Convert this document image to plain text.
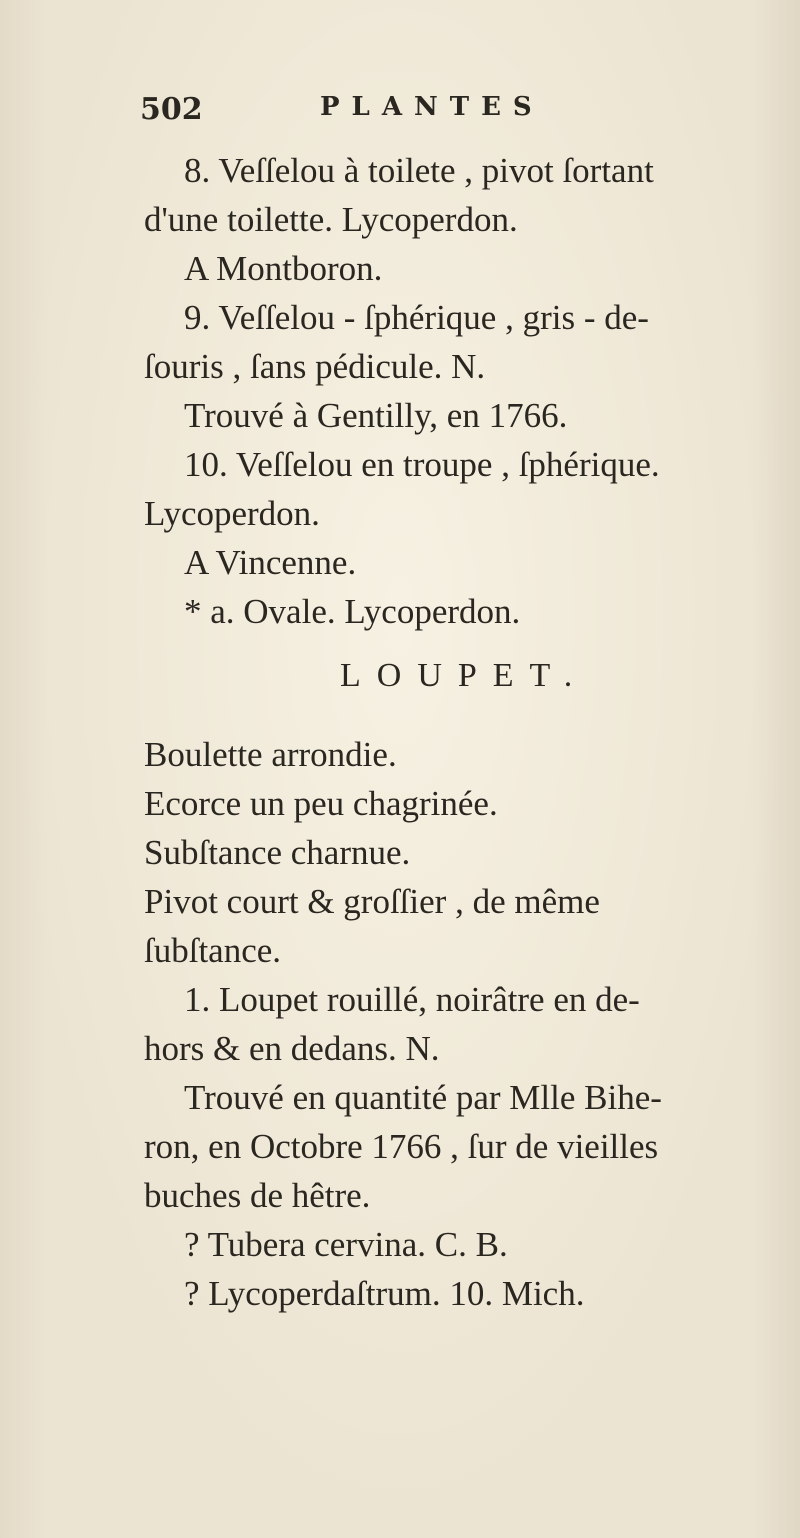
502	PLANTES
8. Veſſelou à toilete , pivot ſortant
d'une toilette. Lycoperdon.
A Montboron.
9. Veſſelou - ſphérique , gris - de-
ſouris , ſans pédicule. N.
Trouvé à Gentilly, en 1766.
10. Veſſelou en troupe , ſphérique.
Lycoperdon.
A Vincenne.
* a. Ovale. Lycoperdon.
LOUPET.
Boulette arrondie.
Ecorce un peu chagrinée.
Subſtance charnue.
Pivot court & groſſier , de même
ſubſtance.
1. Loupet rouillé, noirâtre en de-
hors & en dedans. N.
Trouvé en quantité par Mlle Bihe-
ron, en Octobre 1766 , ſur de vieilles
buches de hêtre.
? Tubera cervina. C. B.
? Lycoperdaſtrum. 10. Mich.
